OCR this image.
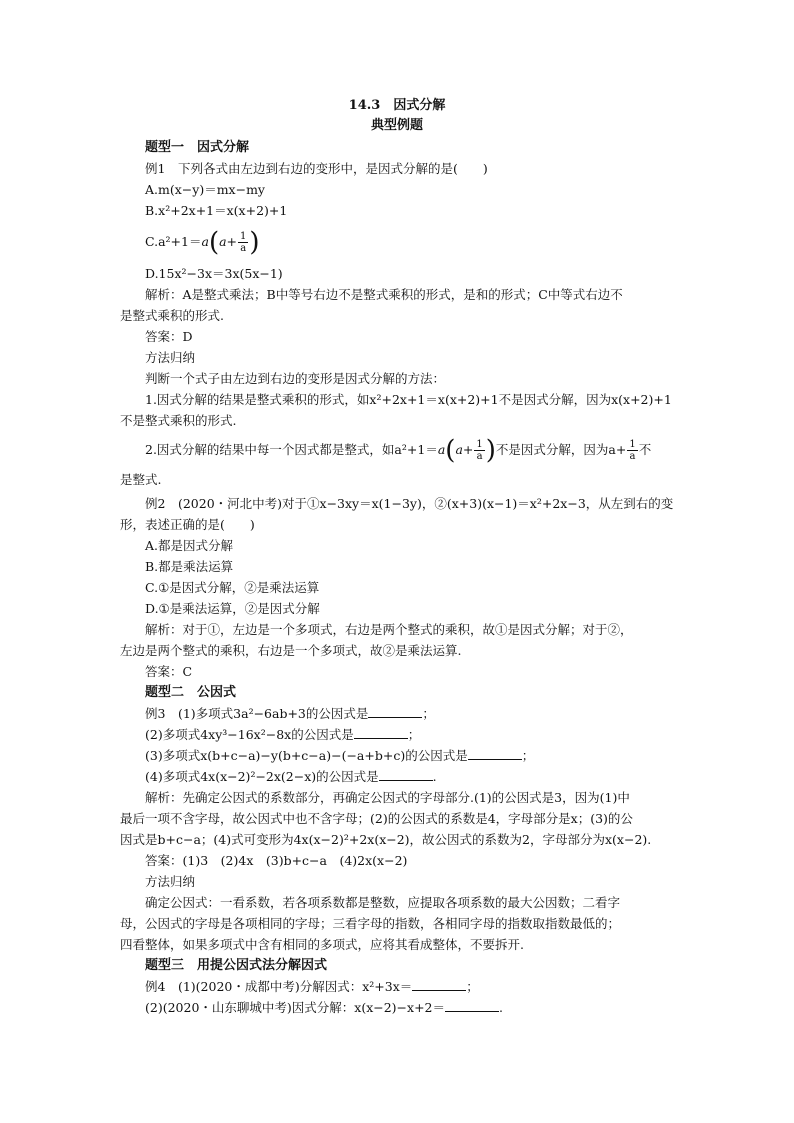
14.3　因式分解
典型例题
题型一　因式分解
例1　下列各式由左边到右边的变形中，是因式分解的是(　　)
A.m(x−y)＝mx−my
B.x²+2x+1＝x(x+2)+1
$C.a^2+1=a(a+ \frac{1}{a}$ )
D.15x²−3x＝3x(5x−1)
解析：A是整式乘法；B中等号右边不是整式乘积的形式，是和的形式；C中等式右边不
是整式乘积的形式.
答案：D
方法归纳
判断一个式子由左边到右边的变形是因式分解的方法：
1.因式分解的结果是整式乘积的形式，如x²+2x+1＝x(x+2)+1不是因式分解，因为x(x+2)+1
不是整式乘积的形式.
2.因式分解的结果中每一个因式都是整式，如$a^2+1=a(a+ \frac{1}{a}$ )不是因式分解，因为$a+ \frac{1}{a}$ 不
是整式.
例2　(2020・河北中考)对于①x−3xy＝x(1−3y)，②(x+3)(x−1)＝x²+2x−3，从左到右的变
形，表述正确的是(　　)
A.都是因式分解
B.都是乘法运算
C.①是因式分解，②是乘法运算
D.①是乘法运算，②是因式分解
解析：对于①，左边是一个多项式，右边是两个整式的乘积，故①是因式分解；对于②，
左边是两个整式的乘积，右边是一个多项式，故②是乘法运算.
答案：C
题型二　公因式
例3　(1)多项式3a²−6ab+3的公因式是	；
(2)多项式4xy³−16x²−8x的公因式是	；
(3)多项式x(b+c−a)−y(b+c−a)−(−a+b+c)的公因式是	；
(4)多项式4x(x−2)²−2x(2−x)的公因式是	.
解析：先确定公因式的系数部分，再确定公因式的字母部分.(1)的公因式是3，因为(1)中
最后一项不含字母，故公因式中也不含字母；(2)的公因式的系数是4，字母部分是x；(3)的公
因式是b+c−a；(4)式可变形为4x(x−2)²+2x(x−2)，故公因式的系数为2，字母部分为x(x−2).
答案：(1)3　(2)4x　(3)b+c−a　(4)2x(x−2)
方法归纳
确定公因式：一看系数，若各项系数都是整数，应提取各项系数的最大公因数；二看字
母，公因式的字母是各项相同的字母；三看字母的指数，各相同字母的指数取指数最低的；
四看整体，如果多项式中含有相同的多项式，应将其看成整体，不要拆开.
题型三　用提公因式法分解因式
例4　(1)(2020・成都中考)分解因式：x²+3x＝	；
(2)(2020・山东聊城中考)因式分解：x(x−2)−x+2＝	.
